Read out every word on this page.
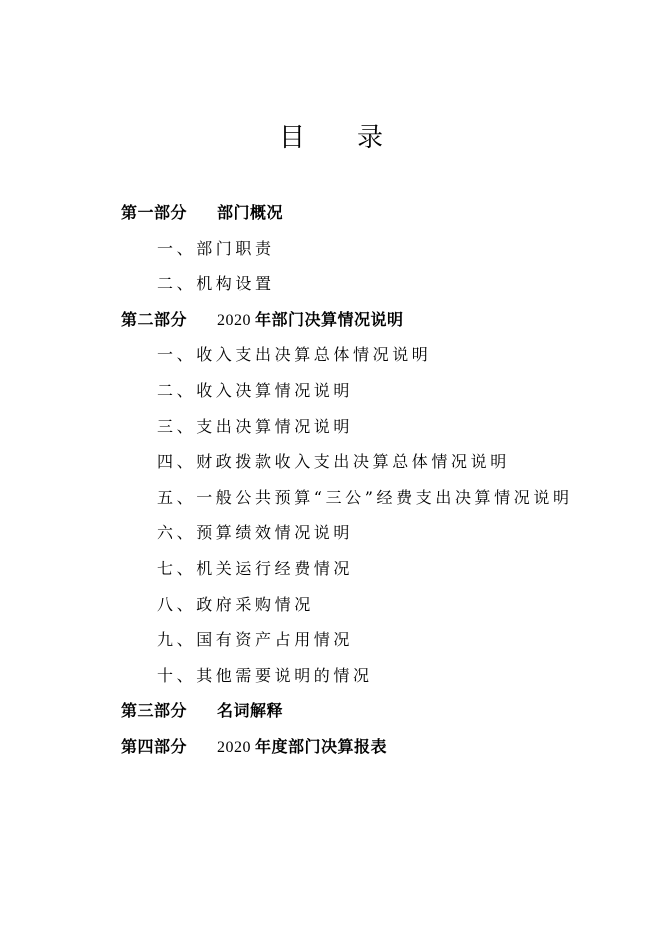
目 录
第一部分 部门概况
一、部门职责
二、机构设置
第二部分 2020 年部门决算情况说明
一、收入支出决算总体情况说明
二、收入决算情况说明
三、支出决算情况说明
四、财政拨款收入支出决算总体情况说明
五、一般公共预算“三公”经费支出决算情况说明
六、预算绩效情况说明
七、机关运行经费情况
八、政府采购情况
九、国有资产占用情况
十、其他需要说明的情况
第三部分 名词解释
第四部分 2020 年度部门决算报表
